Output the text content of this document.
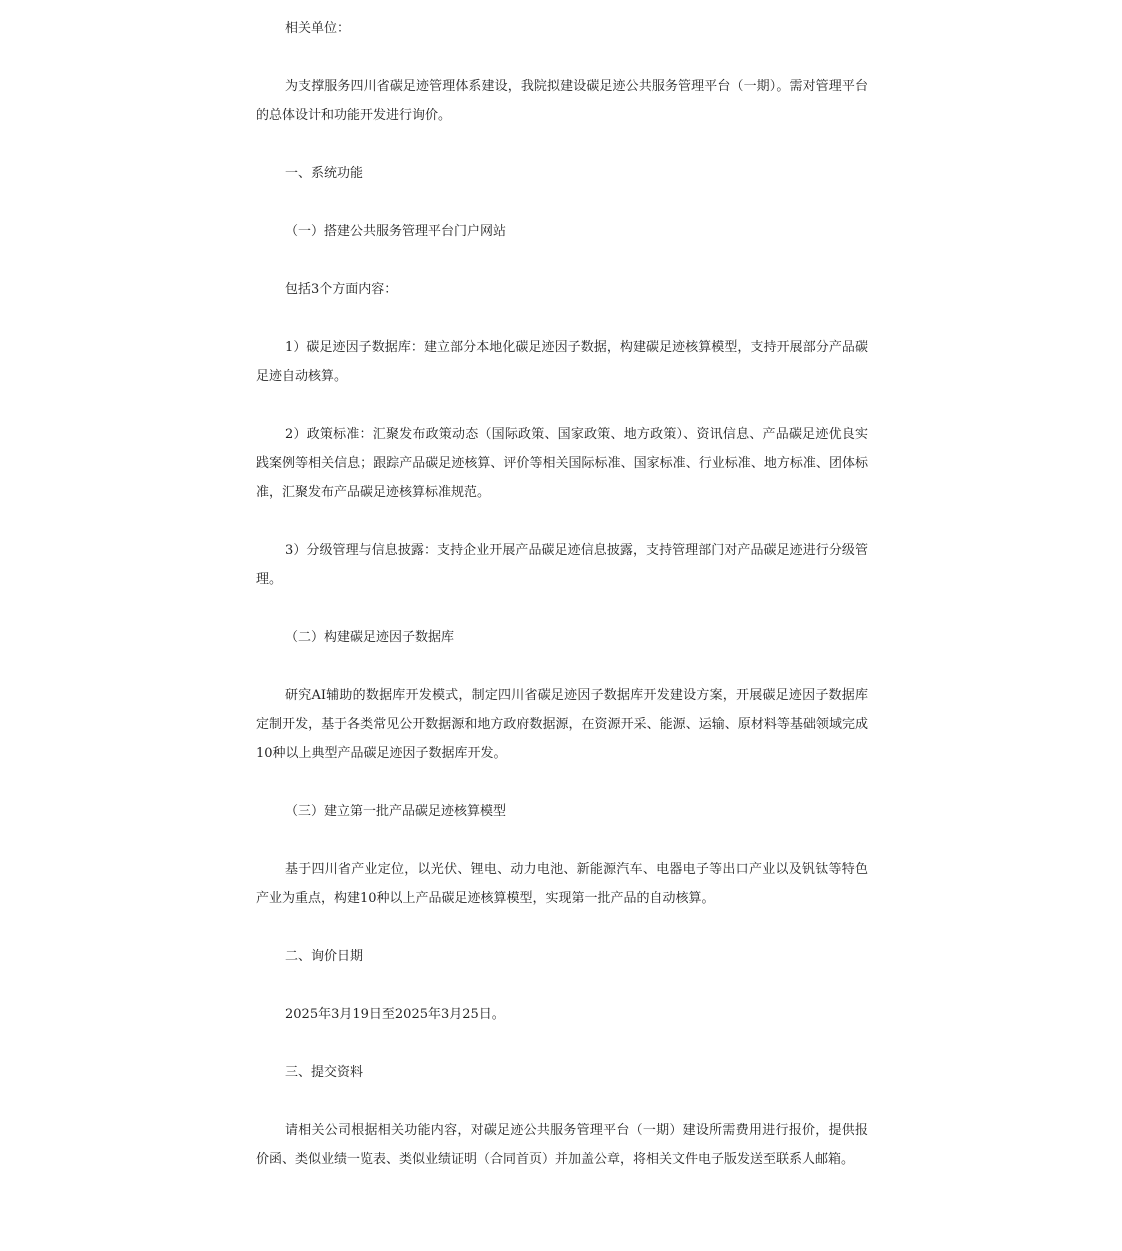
相关单位：

为支撑服务四川省碳足迹管理体系建设，我院拟建设碳足迹公共服务管理平台（一期）。需对管理平台的总体设计和功能开发进行询价。

一、系统功能

（一）搭建公共服务管理平台门户网站

包括3个方面内容：

1）碳足迹因子数据库：建立部分本地化碳足迹因子数据，构建碳足迹核算模型，支持开展部分产品碳足迹自动核算。

2）政策标准：汇聚发布政策动态（国际政策、国家政策、地方政策）、资讯信息、产品碳足迹优良实践案例等相关信息；跟踪产品碳足迹核算、评价等相关国际标准、国家标准、行业标准、地方标准、团体标准，汇聚发布产品碳足迹核算标准规范。

3）分级管理与信息披露：支持企业开展产品碳足迹信息披露，支持管理部门对产品碳足迹进行分级管理。

（二）构建碳足迹因子数据库

研究AI辅助的数据库开发模式，制定四川省碳足迹因子数据库开发建设方案，开展碳足迹因子数据库定制开发，基于各类常见公开数据源和地方政府数据源，在资源开采、能源、运输、原材料等基础领域完成10种以上典型产品碳足迹因子数据库开发。

（三）建立第一批产品碳足迹核算模型

基于四川省产业定位，以光伏、锂电、动力电池、新能源汽车、电器电子等出口产业以及钒钛等特色产业为重点，构建10种以上产品碳足迹核算模型，实现第一批产品的自动核算。

二、询价日期

2025年3月19日至2025年3月25日。

三、提交资料

请相关公司根据相关功能内容，对碳足迹公共服务管理平台（一期）建设所需费用进行报价，提供报价函、类似业绩一览表、类似业绩证明（合同首页）并加盖公章，将相关文件电子版发送至联系人邮箱。
